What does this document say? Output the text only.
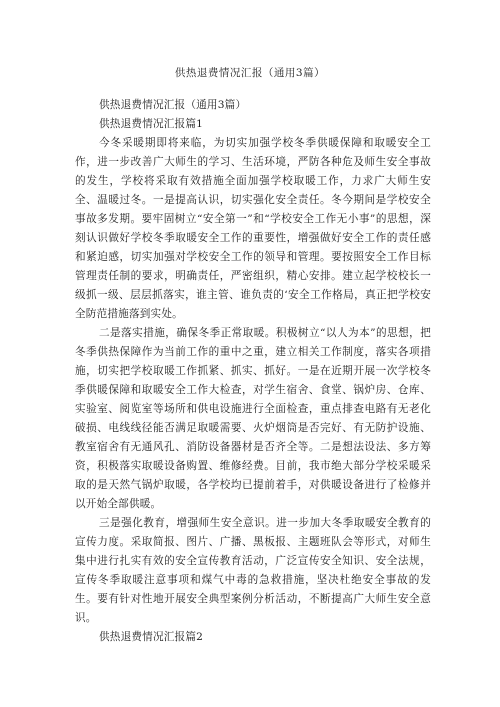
供热退费情况汇报（通用3篇）

供热退费情况汇报（通用3篇）

供热退费情况汇报篇1

今冬采暖期即将来临，为切实加强学校冬季供暖保障和取暖安全工作，进一步改善广大师生的学习、生活环境，严防各种危及师生安全事故的发生，学校将采取有效措施全面加强学校取暖工作，力求广大师生安全、温暖过冬。一是提高认识，切实强化安全责任。冬今期间是学校安全事故多发期。要牢固树立“安全第一”和“学校安全工作无小事”的思想，深刻认识做好学校冬季取暖安全工作的重要性，增强做好安全工作的责任感和紧迫感，切实加强对学校安全工作的领导和管理。要按照安全工作目标管理责任制的要求，明确责任，严密组织，精心安排。建立起学校校长一级抓一级、层层抓落实，谁主管、谁负责的‘安全工作格局，真正把学校安全防范措施落到实处。

二是落实措施，确保冬季正常取暖。积极树立“以人为本”的思想，把冬季供热保障作为当前工作的重中之重，建立相关工作制度，落实各项措施，切实把学校取暖工作抓紧、抓实、抓好。一是在近期开展一次学校冬季供暖保障和取暖安全工作大检查，对学生宿舍、食堂、锅炉房、仓库、实验室、阅览室等场所和供电设施进行全面检查，重点排查电路有无老化破损、电线线径能否满足取暖需要、火炉烟筒是否完好、有无防护设施、教室宿舍有无通风孔、消防设备器材是否齐全等。二是想法设法、多方筹资，积极落实取暖设备购置、维修经费。目前，我市绝大部分学校采暖采取的是天然气锅炉取暖，各学校均已提前着手，对供暖设备进行了检修并以开始全部供暖。

三是强化教育，增强师生安全意识。进一步加大冬季取暖安全教育的宣传力度。采取简报、图片、广播、黑板报、主题班队会等形式，对师生集中进行扎实有效的安全宣传教育活动，广泛宣传安全知识、安全法规，宣传冬季取暖注意事项和煤气中毒的急救措施，坚决杜绝安全事故的发生。要有针对性地开展安全典型案例分析活动，不断提高广大师生安全意识。

供热退费情况汇报篇2
